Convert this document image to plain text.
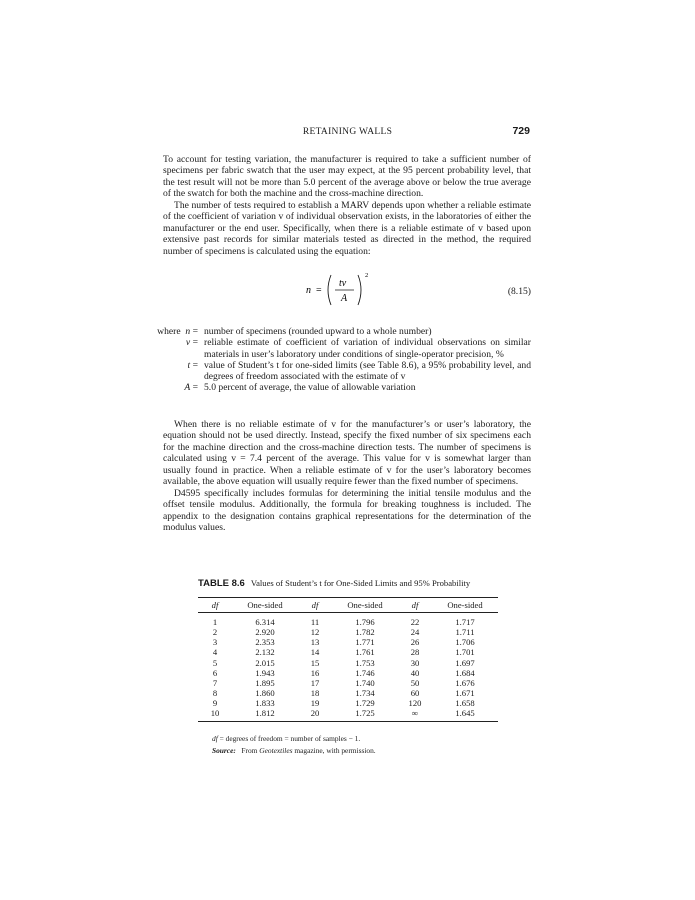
RETAINING WALLS	729

To account for testing variation, the manufacturer is required to take a sufficient number of specimens per fabric swatch that the user may expect, at the 95 percent probability level, that the test result will not be more than 5.0 percent of the average above or below the true average of the swatch for both the machine and the cross-machine direction.

The number of tests required to establish a MARV depends upon whether a reliable estimate of the coefficient of variation v of individual observation exists, in the laboratories of either the manufacturer or the end user. Specifically, when there is a reliable estimate of v based upon extensive past records for similar materials tested as directed in the method, the required number of specimens is calculated using the equation:

n =
tv
A
2
(8.15)
where n = number of specimens (rounded upward to a whole number)
v = reliable estimate of coefficient of variation of individual observations on similar materials in user’s laboratory under conditions of single-operator precision, %
t = value of Student’s t for one-sided limits (see Table 8.6), a 95% probability level, and degrees of freedom associated with the estimate of v
A = 5.0 percent of average, the value of allowable variation

When there is no reliable estimate of v for the manufacturer’s or user’s laboratory, the equation should not be used directly. Instead, specify the fixed number of six specimens each for the machine direction and the cross-machine direction tests. The number of specimens is calculated using v = 7.4 percent of the average. This value for v is somewhat larger than usually found in practice. When a reliable estimate of v for the user’s laboratory becomes available, the above equation will usually require fewer than the fixed number of specimens.

D4595 specifically includes formulas for determining the initial tensile modulus and the offset tensile modulus. Additionally, the formula for breaking toughness is included. The appendix to the designation contains graphical representations for the determination of the modulus values.

TABLE 8.6 Values of Student’s t for One-Sided Limits and 95% Probability
df	One-sided	df	One-sided	df	One-sided
1	6.314	11	1.796	22	1.717
2	2.920	12	1.782	24	1.711
3	2.353	13	1.771	26	1.706
4	2.132	14	1.761	28	1.701
5	2.015	15	1.753	30	1.697
6	1.943	16	1.746	40	1.684
7	1.895	17	1.740	50	1.676
8	1.860	18	1.734	60	1.671
9	1.833	19	1.729	120	1.658
10	1.812	20	1.725	∞	1.645
df = degrees of freedom = number of samples − 1.
Source: From Geotextiles magazine, with permission.
